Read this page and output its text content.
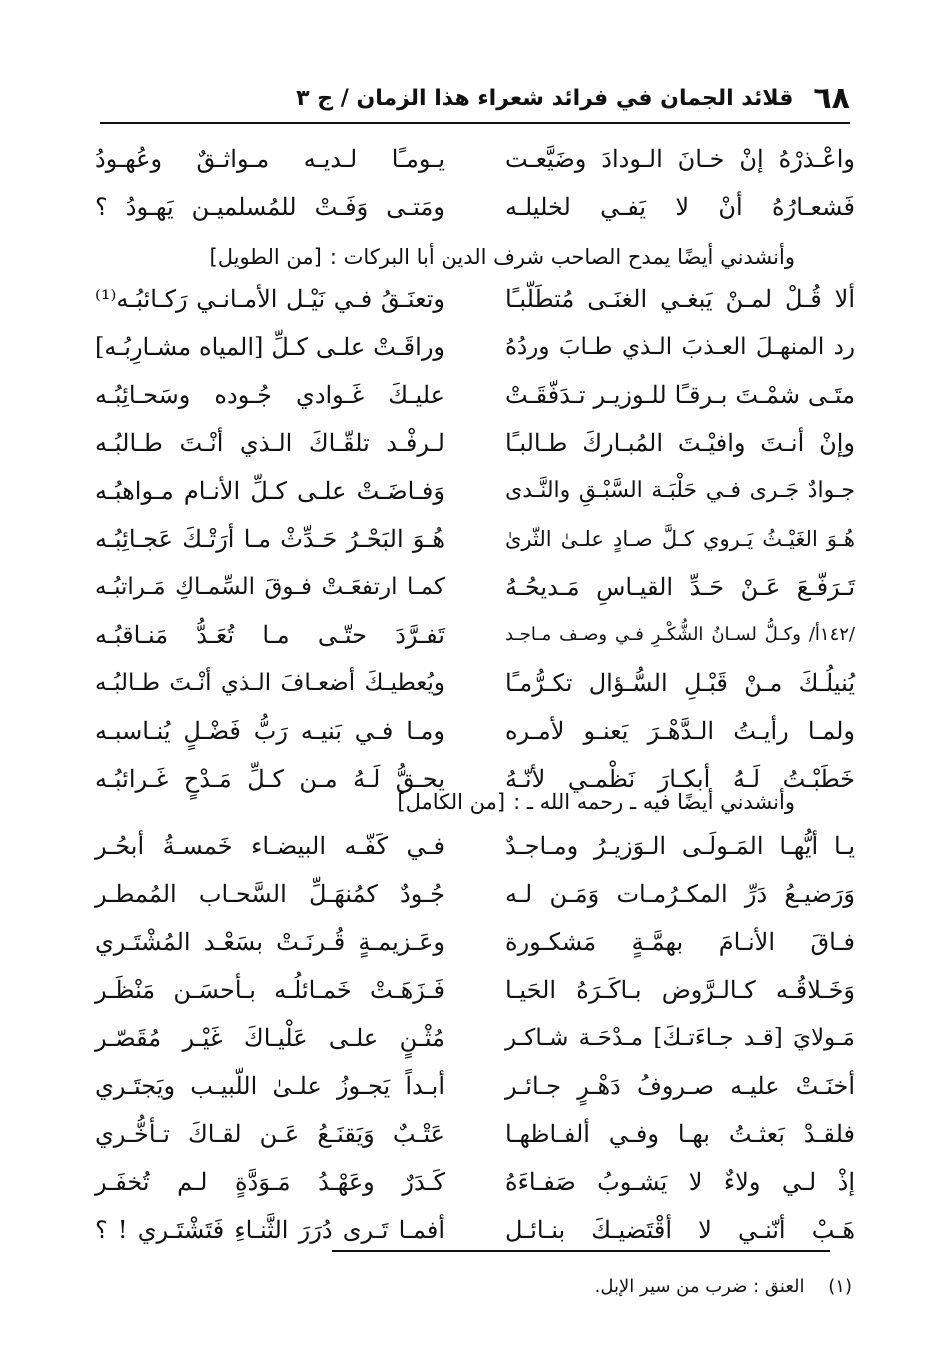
٦٨
قلائد الجمان في فرائد شعراء هذا الزمان / ج ٣
واعْـذرْهُ إنْ خـانَ الـودادَ وضَيَّعـت
يـومـًا لـديـه مـواثـقٌ وعُهـودُ
فَشعـارُهُ أنْ لا يَفـي لخليلـه
ومَتـى وَفَـتْ للمُسلميـن يَهـودُ ؟
وأنشدني أيضًا يمدح الصاحب شرف الدين أبا البركات :[من الطويل]
ألا قُـلْ لمـنْ يَبغـي الغنَـى مُتطَلّبـًا
وتعنَـقُ فـي نَيْـل الأمـانـي رَكـائبُـه⁽¹⁾
رد المنهـلَ العـذبَ الـذي طـابَ وردُهُ
وراقَـتْ علـى كـلِّ [المياه مشـارِبُـه]
متَـى شمْـتَ بـرقـًا للـوزيـر تـدَفّقَـتْ
عليـكَ غَـوادي جُـوده وسَحـائِبُـه
وإنْ أنـتَ وافيْـتَ المُبـاركَ طـالبـًا
لـرفْـد تلقّـاكَ الـذي أنْـتَ طـالبُـه
جـوادٌ جَـرى فـي حَلْبَـة السَّبْـقِ والنَّـدى
وَفـاضَـتْ علـى كـلِّ الأنـام مـواهبُـه
هُـوَ الغَيْـثُ يَـروي كـلَّ صـادٍ علـىٰ الثّرىٰ
هُـوَ البَحْـرُ حَـدِّثْ مـا أرَتْـكَ عَجـائِبُـه
تَـرَفّـعَ عَـنْ حَـدِّ القيـاسِ مَـديحُـهُ
كمـا ارتفعَـتْ فـوقَ السِّمـاكِ مَـراتبُـه
/١٤٢أ/ وكـلُّ لسـانُ الشُّكْـرِ فـي وصـف مـاجـد
تَفـرَّدَ حتّـى مـا تُعَـدُّ مَنـاقبُـه
يُنيلُـكَ مـنْ قَبْـلِ السُّـؤال تكـرُّمـًا
ويُعطيـكَ أضعـافَ الـذي أنْـتَ طـالبُـه
ولمـا رأيـتُ الـدَّهْـرَ يَعنـو لأمـره
ومـا فـي بَنيـه رَبُّ فَضْـلٍ يُنـاسبـه
خَطَبْـتُ لَـهُ أبكـارَ نَظْمـي لأنّـهُ
يحـقُّ لَـهُ مـن كـلِّ مَـدْحٍ غَـرائبُـه
وأنشدني أيضًا فيه ـ رحمه الله ـ :[من الكامل]
يـا أيُّهـا المَـولَـى الـوَزيـرُ ومـاجـدٌ
فـي كَفّـه البيضـاء خَمسـةُ أبحُـر
وَرَضيـعُ دَرِّ المكـرُمـات وَمَـن لـه
جُـودٌ كمُنهَـلِّ السَّحـاب المُمطـر
فـاقَ الأنـامَ بهمَّـةٍ مَشكـورة
وعَـزيمـةٍ قُـرنَـتْ بسَعْـد المُشْتَـري
وَخَـلاقُـه كـالـرَّوض بـاكَـرَهُ الحَيـا
فَـزَهَـتْ خَمـائلُـه بـأحسَـن مَنْظَـر
مَـولايَ [قـد جـاءَتـكَ] مـدْحَـة شـاكـر
مُثْـنٍ علـى عَلْيـاكَ غَيْـر مُقَصّـر
أخنَـتْ عليـه صـروفُ دَهْـرٍ جـائـر
أبـداً يَجـوزُ علـىٰ اللّبيـب ويَجتَـري
فلقـدْ بَعثـتُ بهـا وفـي ألفـاظهـا
عَتْـبٌ وَيَقنَـعُ عَـن لقـاكَ تـأخُّـري
إذْ لـي ولاءٌ لا يَشـوبُ صَفـاءَهُ
كَـدَرٌ وعَهْـدُ مَـوَدَّةٍ لـم تُخفَـر
هَـبْ أنّنـي لا أقْتَضيـكَ بنـائـل
أفمـا تَـرى دُرَرَ الثَّنـاءِ فَتَشْتَـري ! ؟
(١) العنق : ضرب من سير الإبل.
